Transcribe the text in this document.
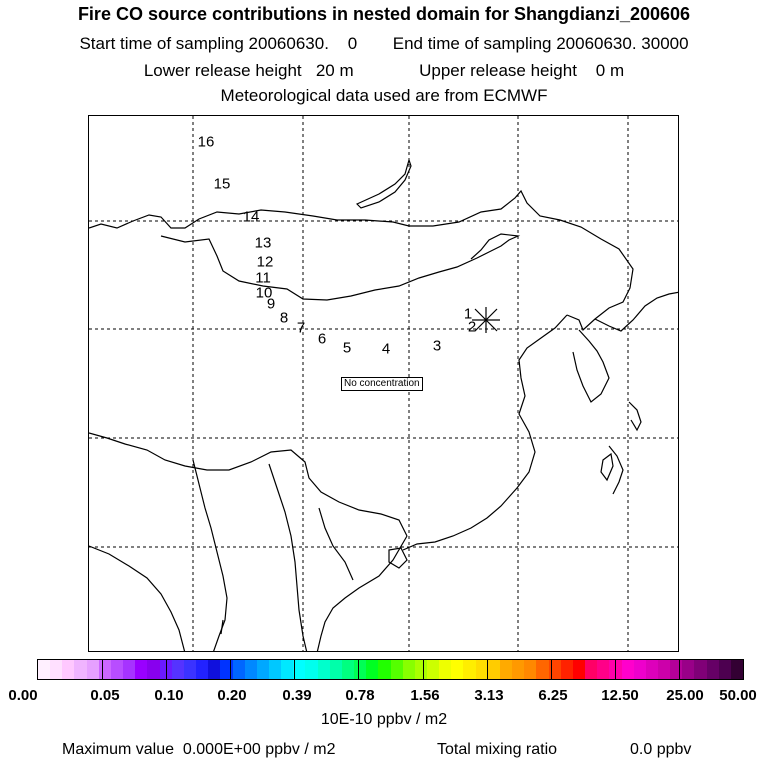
Fire CO source contributions in nested domain for Shangdianzi_200606
Start time of sampling 20060630.    0 End time of sampling 20060630. 30000
Lower release height   20 m	Upper release height    0 m
Meteorological data used are from ECMWF
1
2
3
4
5
6
7
8
9
10
11
12
13
14
15
16
No concentration
0.00	0.05 0.10 0.20 0.39 0.78 1.56 3.13 6.25 12.50 25.00 50.00
10E-10 ppbv / m2
Maximum value  0.000E+00 ppbv / m2	Total mixing ratio	0.0 ppbv
